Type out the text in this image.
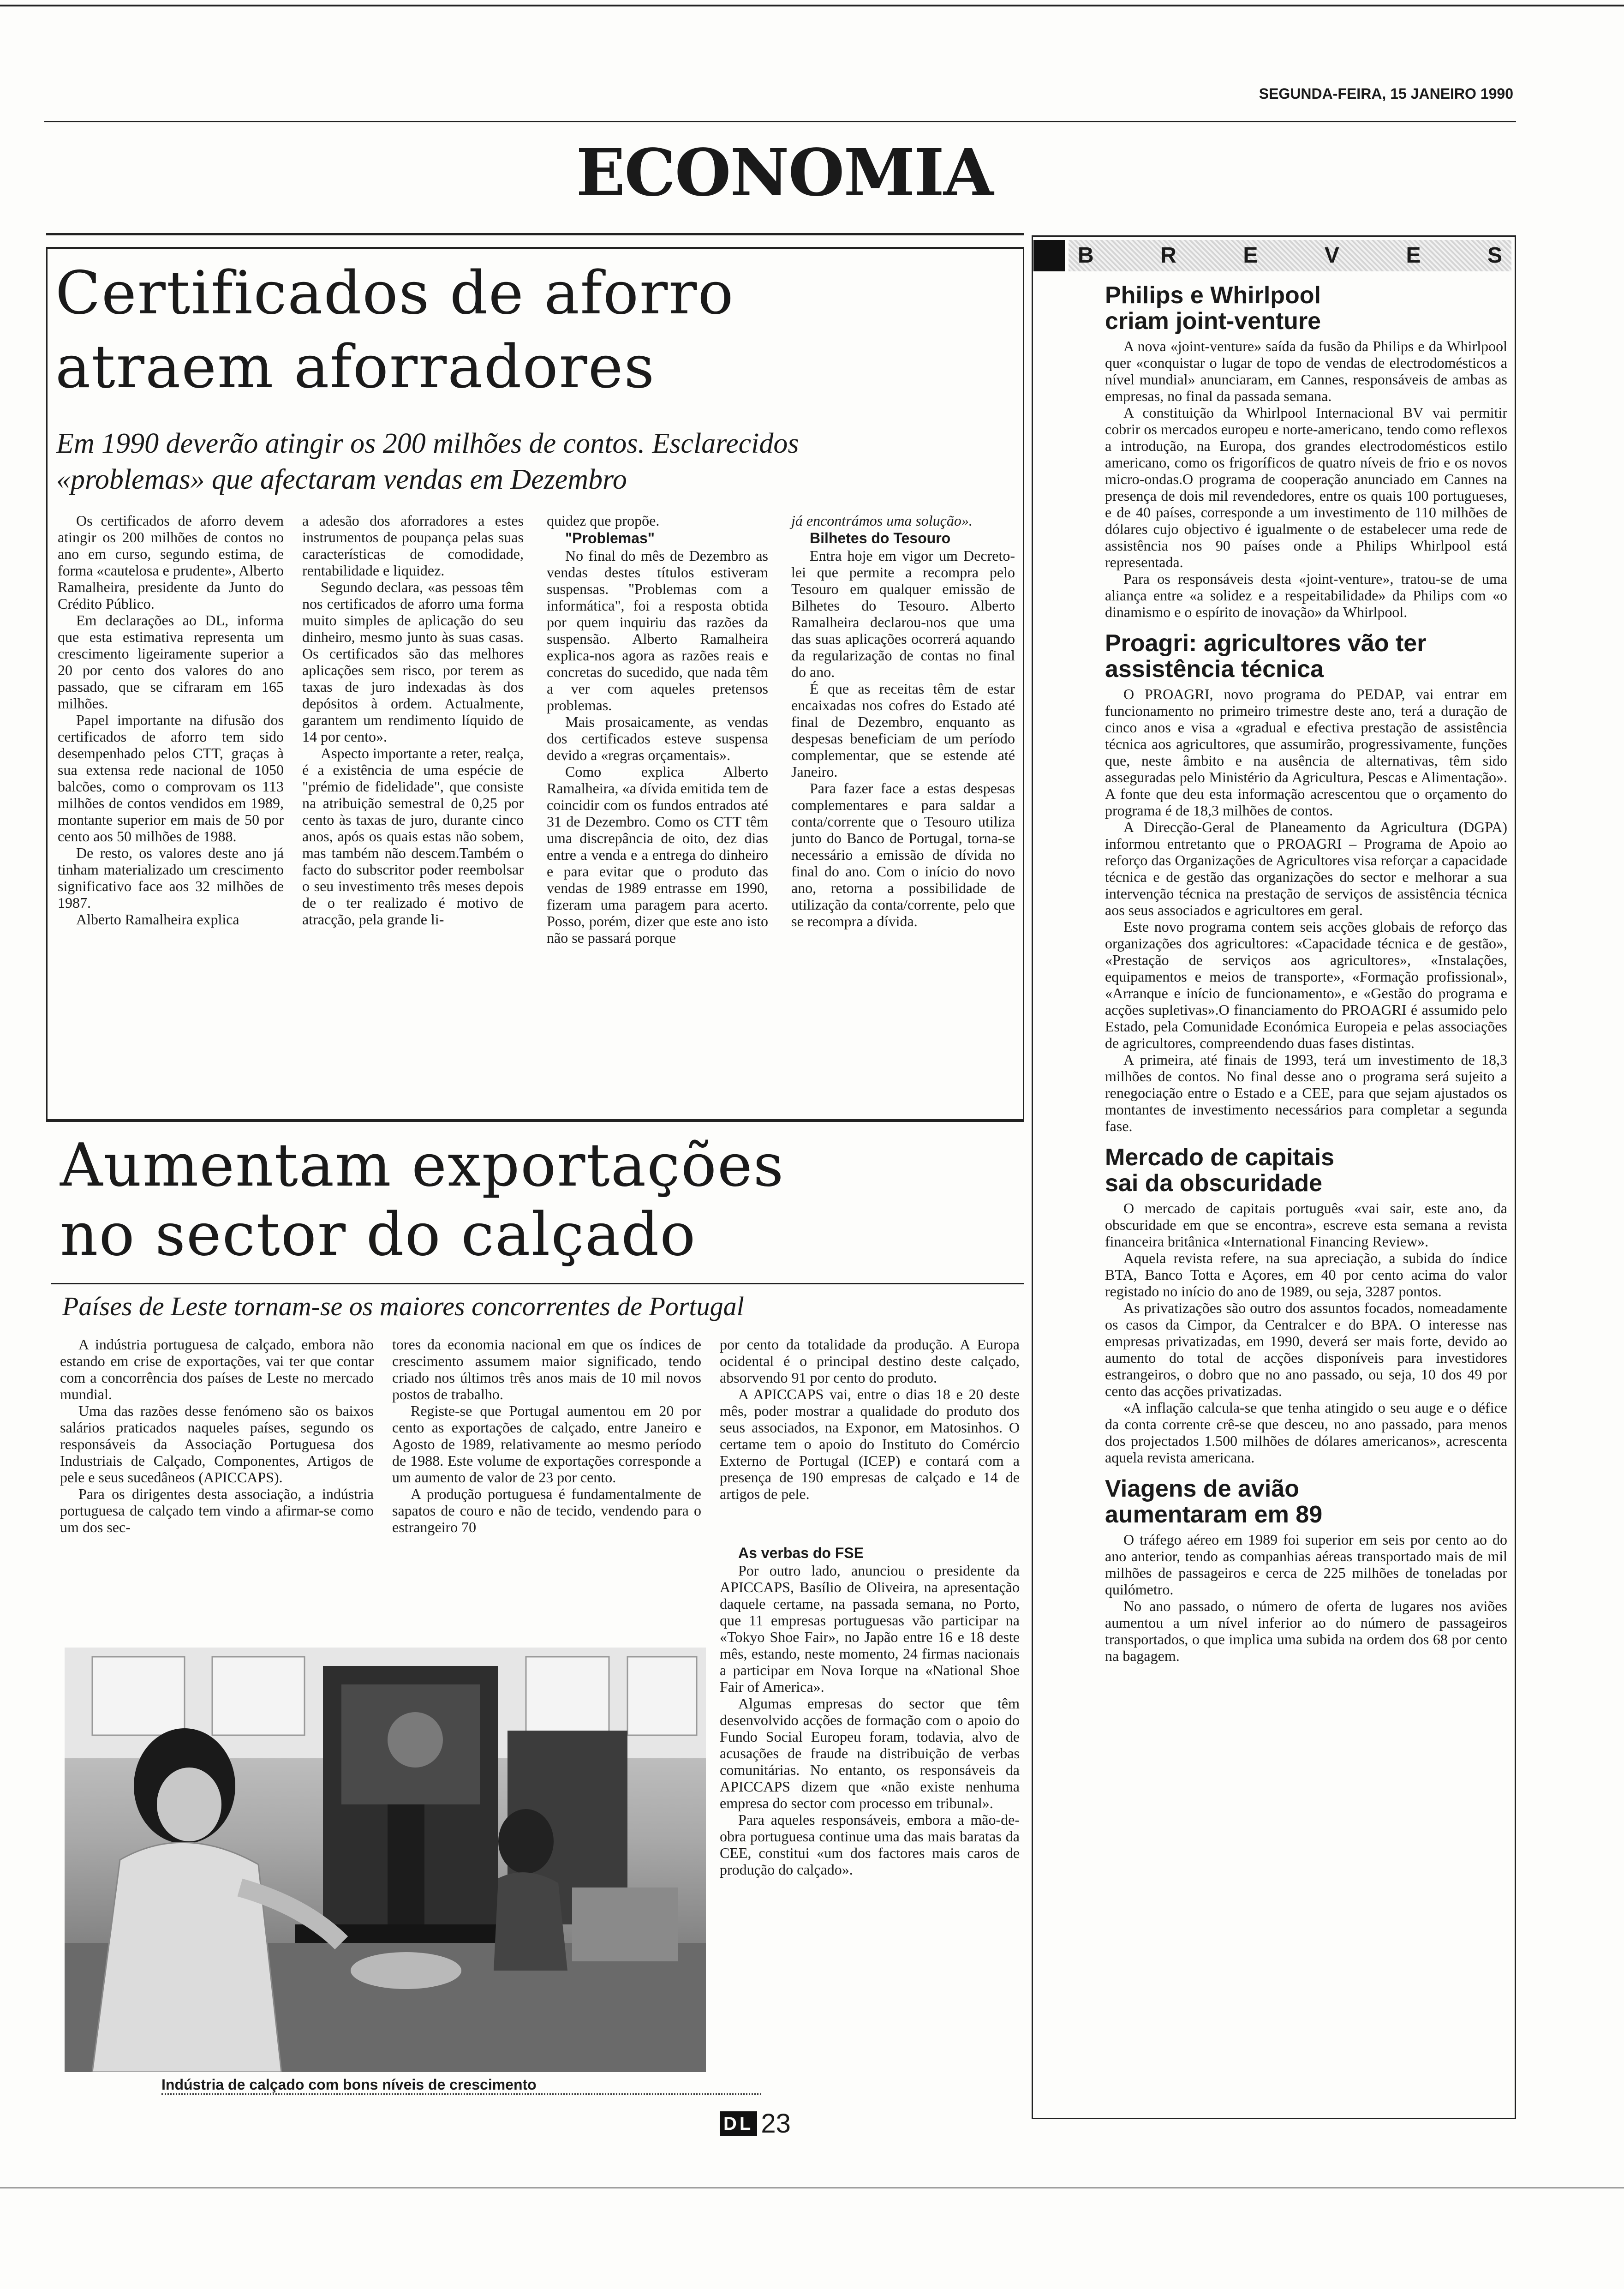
SEGUNDA-FEIRA, 15 JANEIRO 1990
ECONOMIA
Certificados de aforro
atraem aforradores
Em 1990 deverão atingir os 200 milhões de contos. Esclarecidos
«problemas» que afectaram vendas em Dezembro

Os certificados de aforro devem atingir os 200 milhões de contos no ano em curso, segundo estima, de forma «cautelosa e prudente», Alberto Ramalheira, presidente da Junto do Crédito Público.

Em declarações ao DL, informa que esta estimativa representa um crescimento ligeiramente superior a 20 por cento dos valores do ano passado, que se cifraram em 165 milhões.

Papel importante na difusão dos certificados de aforro tem sido desempenhado pelos CTT, graças à sua extensa rede nacional de 1050 balcões, como o comprovam os 113 milhões de contos vendidos em 1989, montante superior em mais de 50 por cento aos 50 milhões de 1988.

De resto, os valores deste ano já tinham materializado um crescimento significativo face aos 32 milhões de 1987.

Alberto Ramalheira explica

a adesão dos aforradores a estes instrumentos de poupança pelas suas características de comodidade, rentabilidade e liquidez.

Segundo declara, «as pessoas têm nos certificados de aforro uma forma muito simples de aplicação do seu dinheiro, mesmo junto às suas casas. Os certificados são das melhores aplicações sem risco, por terem as taxas de juro indexadas às dos depósitos à ordem. Actualmente, garantem um rendimento líquido de 14 por cento».

Aspecto importante a reter, realça, é a existência de uma espécie de "prémio de fidelidade", que consiste na atribuição semestral de 0,25 por cento às taxas de juro, durante cinco anos, após os quais estas não sobem, mas também não descem.Também o facto do subscritor poder reembolsar o seu investimento três meses depois de o ter realizado é motivo de atracção, pela grande li-

quidez que propõe.

"Problemas"

No final do mês de Dezembro as vendas destes títulos estiveram suspensas. "Problemas com a informática", foi a resposta obtida por quem inquiriu das razões da suspensão. Alberto Ramalheira explica-nos agora as razões reais e concretas do sucedido, que nada têm a ver com aqueles pretensos problemas.

Mais prosaicamente, as vendas dos certificados esteve suspensa devido a «regras orçamentais».

Como explica Alberto Ramalheira, «a dívida emitida tem de coincidir com os fundos entrados até 31 de Dezembro. Como os CTT têm uma discrepância de oito, dez dias entre a venda e a entrega do dinheiro e para evitar que o produto das vendas de 1989 entrasse em 1990, fizeram uma paragem para acerto. Posso, porém, dizer que este ano isto não se passará porque

já encontrámos uma solução».

Bilhetes do Tesouro

Entra hoje em vigor um Decreto-lei que permite a recompra pelo Tesouro em qualquer emissão de Bilhetes do Tesouro. Alberto Ramalheira declarou-nos que uma das suas aplicações ocorrerá aquando da regularização de contas no final do ano.

É que as receitas têm de estar encaixadas nos cofres do Estado até final de Dezembro, enquanto as despesas beneficiam de um período complementar, que se estende até Janeiro.

Para fazer face a estas despesas complementares e para saldar a conta/corrente que o Tesouro utiliza junto do Banco de Portugal, torna-se necessário a emissão de dívida no final do ano. Com o início do novo ano, retorna a possibilidade de utilização da conta/corrente, pelo que se recompra a dívida.

Aumentam exportações
no sector do calçado
Países de Leste tornam-se os maiores concorrentes de Portugal

A indústria portuguesa de calçado, embora não estando em crise de exportações, vai ter que contar com a concorrência dos países de Leste no mercado mundial.

Uma das razões desse fenómeno são os baixos salários praticados naqueles países, segundo os responsáveis da Associação Portuguesa dos Industriais de Calçado, Componentes, Artigos de pele e seus sucedâneos (APICCAPS).

Para os dirigentes desta associação, a indústria portuguesa de calçado tem vindo a afirmar-se como um dos sec-

tores da economia nacional em que os índices de crescimento assumem maior significado, tendo criado nos últimos três anos mais de 10 mil novos postos de trabalho.

Registe-se que Portugal aumentou em 20 por cento as exportações de calçado, entre Janeiro e Agosto de 1989, relativamente ao mesmo período de 1988. Este volume de exportações corresponde a um aumento de valor de 23 por cento.

A produção portuguesa é fundamentalmente de sapatos de couro e não de tecido, vendendo para o estrangeiro 70

por cento da totalidade da produção. A Europa ocidental é o principal destino deste calçado, absorvendo 91 por cento do produto.

A APICCAPS vai, entre o dias 18 e 20 deste mês, poder mostrar a qualidade do produto dos seus associados, na Exponor, em Matosinhos. O certame tem o apoio do Instituto do Comércio Externo de Portugal (ICEP) e contará com a presença de 190 empresas de calçado e 14 de artigos de pele.

As verbas do FSE

Por outro lado, anunciou o presidente da APICCAPS, Basílio de Oliveira, na apresentação daquele certame, na passada semana, no Porto, que 11 empresas portuguesas vão participar na «Tokyo Shoe Fair», no Japão entre 16 e 18 deste mês, estando, neste momento, 24 firmas nacionais a participar em Nova Iorque na «National Shoe Fair of America».

Algumas empresas do sector que têm desenvolvido acções de formação com o apoio do Fundo Social Europeu foram, todavia, alvo de acusações de fraude na distribuição de verbas comunitárias. No entanto, os responsáveis da APICCAPS dizem que «não existe nenhuma empresa do sector com processo em tribunal».

Para aqueles responsáveis, embora a mão-de-obra portuguesa continue uma das mais baratas da CEE, constitui «um dos factores mais caros de produção do calçado».

Indústria de calçado com bons níveis de crescimento
B R E V E S
Philips e Whirlpool
criam joint-venture

A nova «joint-venture» saída da fusão da Philips e da Whirlpool quer «conquistar o lugar de topo de vendas de electrodomésticos a nível mundial» anunciaram, em Cannes, responsáveis de ambas as empresas, no final da passada semana.

A constituição da Whirlpool Internacional BV vai permitir cobrir os mercados europeu e norte-americano, tendo como reflexos a introdução, na Europa, dos grandes electrodomésticos estilo americano, como os frigoríficos de quatro níveis de frio e os novos micro-ondas.O programa de cooperação anunciado em Cannes na presença de dois mil revendedores, entre os quais 100 portugueses, e de 40 países, corresponde a um investimento de 110 milhões de dólares cujo objectivo é igualmente o de estabelecer uma rede de assistência nos 90 países onde a Philips Whirlpool está representada.

Para os responsáveis desta «joint-venture», tratou-se de uma aliança entre «a solidez e a respeitabilidade» da Philips com «o dinamismo e o espírito de inovação» da Whirlpool.

Proagri: agricultores vão ter
assistência técnica

O PROAGRI, novo programa do PEDAP, vai entrar em funcionamento no primeiro trimestre deste ano, terá a duração de cinco anos e visa a «gradual e efectiva prestação de assistência técnica aos agricultores, que assumirão, progressivamente, funções que, neste âmbito e na ausência de alternativas, têm sido asseguradas pelo Ministério da Agricultura, Pescas e Alimentação». A fonte que deu esta informação acrescentou que o orçamento do programa é de 18,3 milhões de contos.

A Direcção-Geral de Planeamento da Agricultura (DGPA) informou entretanto que o PROAGRI – Programa de Apoio ao reforço das Organizações de Agricultores visa reforçar a capacidade técnica e de gestão das organizações do sector e melhorar a sua intervenção técnica na prestação de serviços de assistência técnica aos seus associados e agricultores em geral.

Este novo programa contem seis acções globais de reforço das organizações dos agricultores: «Capacidade técnica e de gestão», «Prestação de serviços aos agricultores», «Instalações, equipamentos e meios de transporte», «Formação profissional», «Arranque e início de funcionamento», e «Gestão do programa e acções supletivas».O financiamento do PROAGRI é assumido pelo Estado, pela Comunidade Económica Europeia e pelas associações de agricultores, compreendendo duas fases distintas.

A primeira, até finais de 1993, terá um investimento de 18,3 milhões de contos. No final desse ano o programa será sujeito a renegociação entre o Estado e a CEE, para que sejam ajustados os montantes de investimento necessários para completar a segunda fase.

Mercado de capitais
sai da obscuridade

O mercado de capitais português «vai sair, este ano, da obscuridade em que se encontra», escreve esta semana a revista financeira britânica «International Financing Review».

Aquela revista refere, na sua apreciação, a subida do índice BTA, Banco Totta e Açores, em 40 por cento acima do valor registado no início do ano de 1989, ou seja, 3287 pontos.

As privatizações são outro dos assuntos focados, nomeadamente os casos da Cimpor, da Centralcer e do BPA. O interesse nas empresas privatizadas, em 1990, deverá ser mais forte, devido ao aumento do total de acções disponíveis para investidores estrangeiros, o dobro que no ano passado, ou seja, 10 dos 49 por cento das acções privatizadas.

«A inflação calcula-se que tenha atingido o seu auge e o défice da conta corrente crê-se que desceu, no ano passado, para menos dos projectados 1.500 milhões de dólares americanos», acrescenta aquela revista americana.

Viagens de avião
aumentaram em 89

O tráfego aéreo em 1989 foi superior em seis por cento ao do ano anterior, tendo as companhias aéreas transportado mais de mil milhões de passageiros e cerca de 225 milhões de toneladas por quilómetro.

No ano passado, o número de oferta de lugares nos aviões aumentou a um nível inferior ao do número de passageiros transportados, o que implica uma subida na ordem dos 68 por cento na bagagem.

DL 23
